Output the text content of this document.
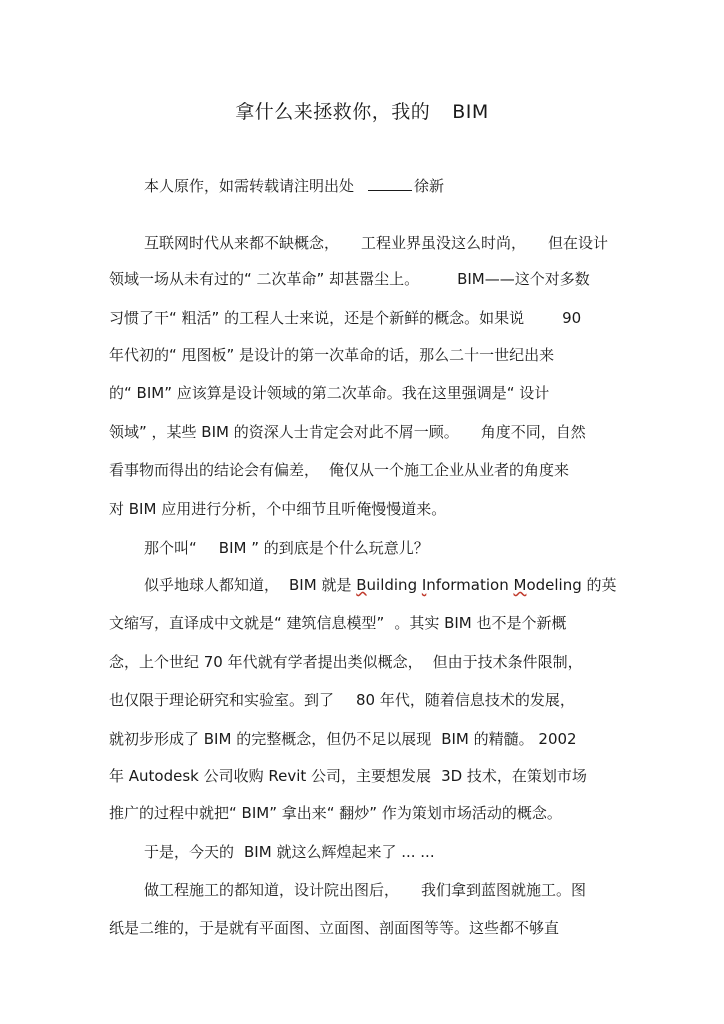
拿什么来拯救你，我的 BIM
本人原作，如需转载请注明出处	徐新
互联网时代从来都不缺概念， 工程业界虽没这么时尚， 但在设计
领域一场从未有过的“ 二次革命” 却甚嚣尘上。	BIM——这个对多数
习惯了干“ 粗活” 的工程人士来说，还是个新鲜的概念。如果说	90
年代初的“ 甩图板” 是设计的第一次革命的话，那么二十一世纪出来
的“ BIM” 应该算是设计领域的第二次革命。我在这里强调是“ 设计
领域” ，某些 BIM 的资深人士肯定会对此不屑一顾。 角度不同，自然
看事物而得出的结论会有偏差， 俺仅从一个施工企业从业者的角度来
对 BIM 应用进行分析，个中细节且听俺慢慢道来。
那个叫“ BIM ” 的到底是个什么玩意儿？
似乎地球人都知道， BIM 就是 Building Information Modeling 的英
文缩写，直译成中文就是“ 建筑信息模型” 。其实 BIM 也不是个新概
念，上个世纪 70 年代就有学者提出类似概念， 但由于技术条件限制，
也仅限于理论研究和实验室。到了 80 年代，随着信息技术的发展，
就初步形成了 BIM 的完整概念，但仍不足以展现 BIM 的精髓。 2002
年 Autodesk 公司收购 Revit 公司，主要想发展 3D 技术，在策划市场
推广的过程中就把“ BIM” 拿出来“ 翻炒” 作为策划市场活动的概念。
于是，今天的 BIM 就这么辉煌起来了 ... ...
做工程施工的都知道，设计院出图后， 我们拿到蓝图就施工。图
纸是二维的，于是就有平面图、立面图、剖面图等等。这些都不够直
